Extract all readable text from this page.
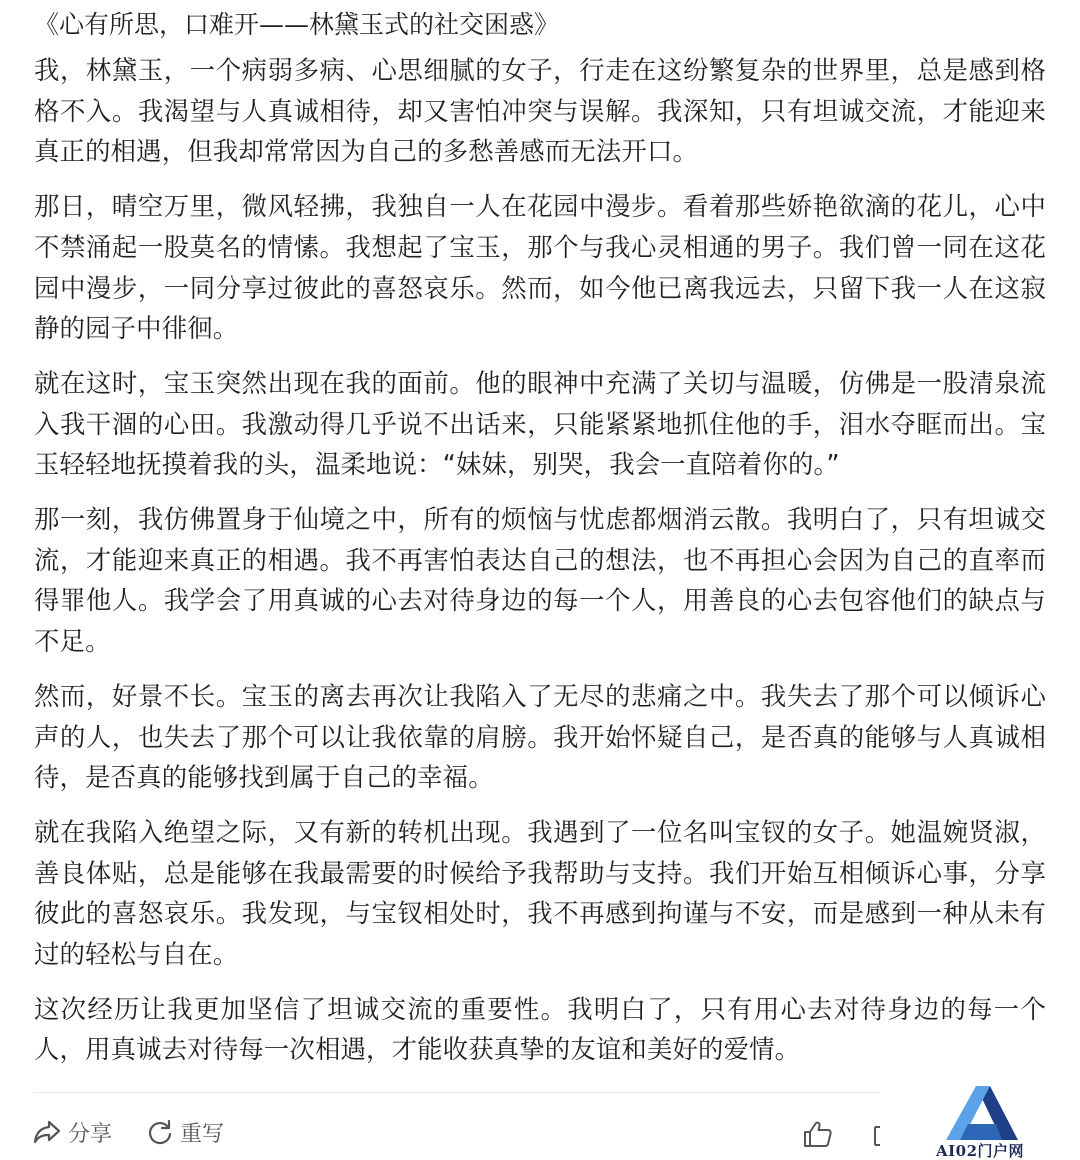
《心有所思，口难开——林黛玉式的社交困惑》

我，林黛玉，一个病弱多病、心思细腻的女子，行走在这纷繁复杂的世界里，总是感到格格不入。我渴望与人真诚相待，却又害怕冲突与误解。我深知，只有坦诚交流，才能迎来真正的相遇，但我却常常因为自己的多愁善感而无法开口。

那日，晴空万里，微风轻拂，我独自一人在花园中漫步。看着那些娇艳欲滴的花儿，心中不禁涌起一股莫名的情愫。我想起了宝玉，那个与我心灵相通的男子。我们曾一同在这花园中漫步，一同分享过彼此的喜怒哀乐。然而，如今他已离我远去，只留下我一人在这寂静的园子中徘徊。

就在这时，宝玉突然出现在我的面前。他的眼神中充满了关切与温暖，仿佛是一股清泉流入我干涸的心田。我激动得几乎说不出话来，只能紧紧地抓住他的手，泪水夺眶而出。宝玉轻轻地抚摸着我的头，温柔地说：“妹妹，别哭，我会一直陪着你的。”

那一刻，我仿佛置身于仙境之中，所有的烦恼与忧虑都烟消云散。我明白了，只有坦诚交流，才能迎来真正的相遇。我不再害怕表达自己的想法，也不再担心会因为自己的直率而得罪他人。我学会了用真诚的心去对待身边的每一个人，用善良的心去包容他们的缺点与不足。

然而，好景不长。宝玉的离去再次让我陷入了无尽的悲痛之中。我失去了那个可以倾诉心声的人，也失去了那个可以让我依靠的肩膀。我开始怀疑自己，是否真的能够与人真诚相待，是否真的能够找到属于自己的幸福。

就在我陷入绝望之际，又有新的转机出现。我遇到了一位名叫宝钗的女子。她温婉贤淑，善良体贴，总是能够在我最需要的时候给予我帮助与支持。我们开始互相倾诉心事，分享彼此的喜怒哀乐。我发现，与宝钗相处时，我不再感到拘谨与不安，而是感到一种从未有过的轻松与自在。

这次经历让我更加坚信了坦诚交流的重要性。我明白了，只有用心去对待身边的每一个人，用真诚去对待每一次相遇，才能收获真挚的友谊和美好的爱情。

分享	重写
AI02门户网
